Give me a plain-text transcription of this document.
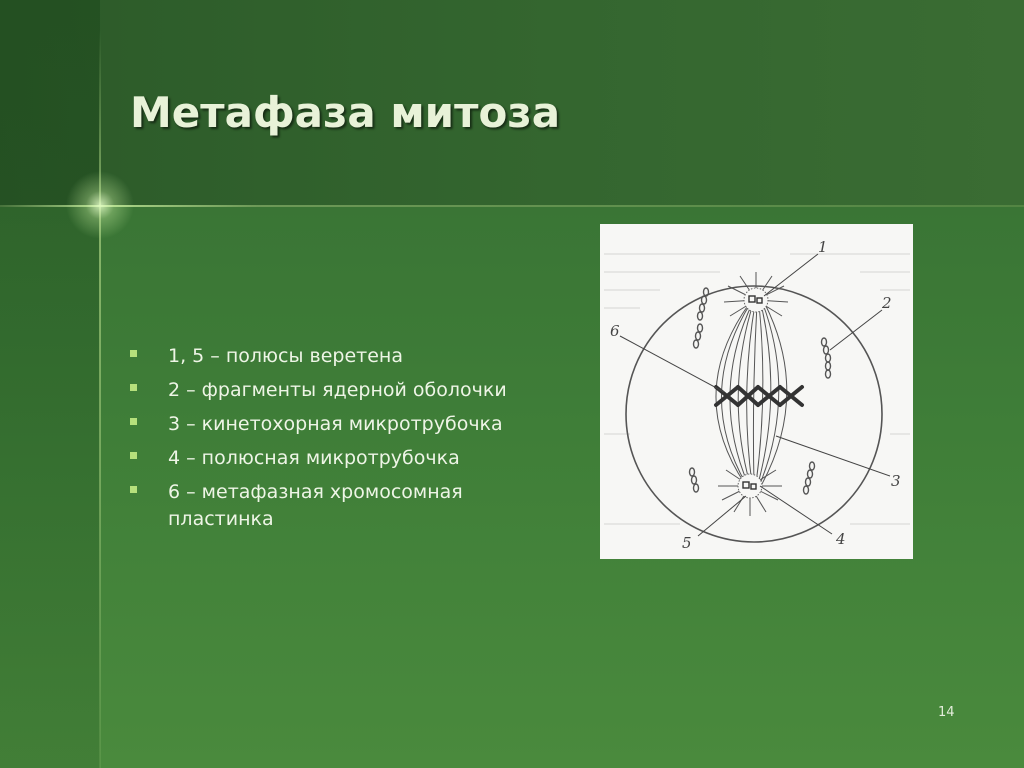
Метафаза митоза
1, 5 – полюсы веретена
2 – фрагменты ядерной оболочки
3 – кинетохорная микротрубочка
4 – полюсная микротрубочка
6 – метафазная хромосомная пластинка
1
2
3
4
5
6
14
